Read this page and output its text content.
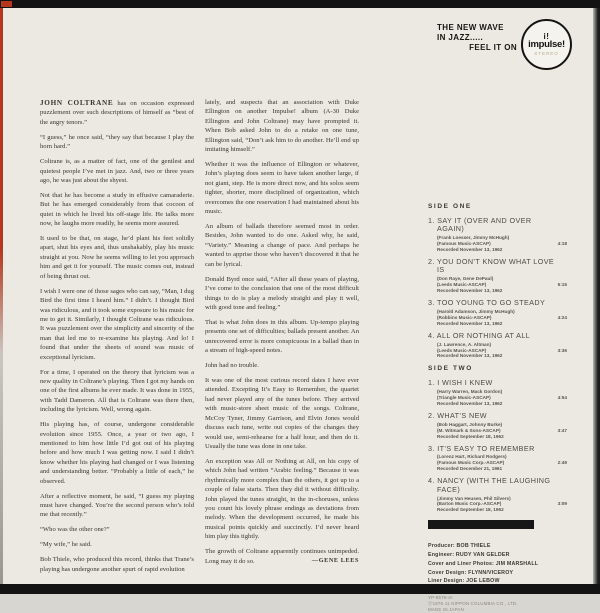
THE NEW WAVE
IN JAZZ.....
FEEL IT ON
i!
impulse!
STEREO

JOHN COLTRANE has on occasion expressed puzzlement over such descriptions of himself as “best of the angry tenors.”

“I guess,” he once said, “they say that because I play the horn hard.”

Coltrane is, as a matter of fact, one of the gentlest and quietest people I’ve met in jazz. And, two or three years ago, he was just about the shyest.

Not that he has become a study in effusive camaraderie. But he has emerged considerably from that cocoon of quiet in which he lived his off-stage life. He talks more now, he laughs more readily, he seems more assured.

It used to be that, on stage, he’d plant his feet solidly apart, shut his eyes and, thus unshakably, play his music straight at you. Now he seems willing to let you approach him and get it for yourself. The music comes out, instead of being thrust out.

I wish I were one of those sages who can say, “Man, I dug Bird the first time I heard him.” I didn’t. I thought Bird was ridiculous, and it took some exposure to his music for me to get it. Similarly, I thought Coltrane was ridiculous. It was puzzlement over the simplicity and sincerity of the man that led me to re-examine his playing. And lo! I found that under the sheets of sound was music of exceptional lyricism.

For a time, I operated on the theory that lyricism was a new quality in Coltrane’s playing. Then I got my hands on one of the first albums he ever made. It was done in 1955, with Tadd Dameron. All that is Coltrane was there then, including the lyricism. Well, wrong again.

His playing has, of course, undergone considerable evolution since 1955. Once, a year or two ago, I mentioned to him how little I’d got out of his playing before and how much I was getting now. I said I didn’t know whether his playing had changed or I was listening and understanding better. “Probably a little of each,” he observed.

After a reflective moment, he said, “I guess my playing must have changed. You’re the second person who’s told me that recently.”

“Who was the other one?”

“My wife,” he said.

Bob Thiele, who produced this record, thinks that Trane’s playing has undergone another spurt of rapid evolution

lately, and suspects that an association with Duke Ellington on another Impulse! album (A-30 Duke Ellington and John Coltrane) may have prompted it. When Bob asked John to do a retake on one tune, Ellington said, “Don’t ask him to do another. He’ll end up imitating himself.”

Whether it was the influence of Ellington or whatever, John’s playing does seem to have taken another large, if not giant, step. He is more direct now, and his solos seem tighter, shorter, more disciplined of organization, which overcomes the one reservation I had maintained about his music.

An album of ballads therefore seemed most in order. Besides, John wanted to do one. Asked why, he said, “Variety.” Meaning a change of pace. And perhaps he wanted to apprise those who haven’t discovered it that he can be lyrical.

Donald Byrd once said, “After all these years of playing, I’ve come to the conclusion that one of the most difficult things to do is play a melody straight and play it well, with good tone and feeling.”

That is what John does in this album. Up-tempo playing presents one set of difficulties; ballads present another. An unrecovered error is more conspicuous in a ballad than in a stream of high-speed notes.

John had no trouble.

It was one of the most curious record dates I have ever attended. Excepting It’s Easy to Remember, the quartet had never played any of the tunes before. They arrived with music-store sheet music of the songs. Coltrane, McCoy Tyner, Jimmy Garrison, and Elvin Jones would discuss each tune, write out copies of the changes they would use, semi-rehearse for a half hour, and then do it. Usually the tune was done in one take.

An exception was All or Nothing at All, on his copy of which John had written “Arabic feeling.” Because it was rhythmically more complex than the others, it got up to a couple of false starts. Then they did it without difficulty. John played the tunes straight, in the in-choruses, unless you count his lovely phrase endings as deviations from melody. When the development occurred, he made his musical points quickly and succinctly. I’d never heard him play this tightly.

The growth of Coltrane apparently continues unimpeded. Long may it do so.	—GENE LEES

SIDE ONE
1. SAY IT (OVER AND OVER AGAIN)
(Frank Loesser, Jimmy McHugh)
(Famous Music-ASCAP)	4:18
Recorded November 13, 1962
2. YOU DON’T KNOW WHAT LOVE IS
(Don Raye, Gene DePaul)
(Leeds Music-ASCAP)	5:15
Recorded November 13, 1962
3. TOO YOUNG TO GO STEADY
(Harold Adamson, Jimmy McHugh)
(Robbins Music-ASCAP)	4:24
Recorded November 13, 1962
4. ALL OR NOTHING AT ALL
(J. Lawrence, A. Altman)
(Leeds Music-ASCAP)	3:36
Recorded November 13, 1962
SIDE TWO
1. I WISH I KNEW
(Harry Warren, Mack Gordon)
(Triangle Music-ASCAP)	4:54
Recorded November 13, 1962
2. WHAT’S NEW
(Bob Haggart, Johnny Burke)
(M. Witmark & Sons-ASCAP)	3:47
Recorded September 18, 1962
3. IT’S EASY TO REMEMBER
(Lorenz Hart, Richard Rodgers)
(Famous Music Corp.-ASCAP)	2:49
Recorded December 21, 1961
4. NANCY (WITH THE LAUGHING FACE)
(Jimmy Van Heusen, Phil Silvers)
(Barton Music Corp.-ASCAP)	3:09
Recorded September 18, 1962
Producer: BOB THIELE
Engineer: RUDY VAN GELDER
Cover and Liner Photos: JIM MARSHALL
Cover Design: FLYNN/VICEROY
Liner Design: JOE LEBOW
YP-8576-AI
Ⓟ1976·11 NIPPON COLUMBIA CO., LTD.
MADE IN JAPAN
